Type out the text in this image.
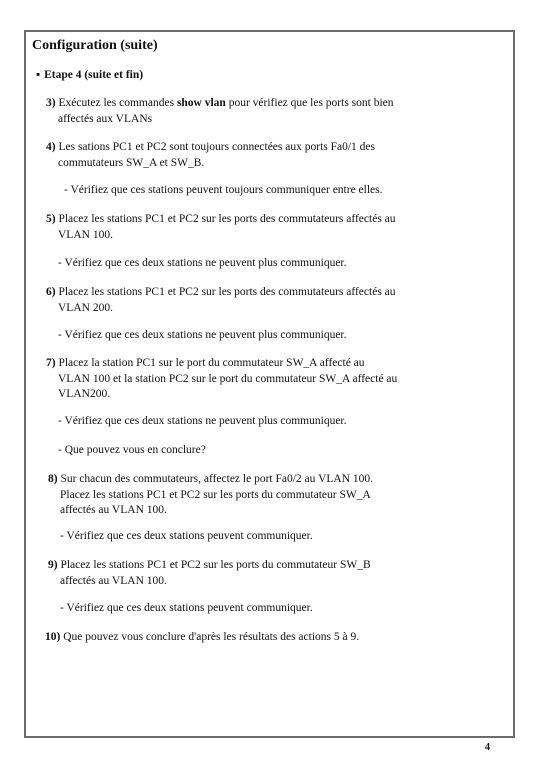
Configuration (suite)
▪ Etape 4 (suite et fin)
3) Exécutez les commandes show vlan pour vérifiez que les ports sont bien
affectés aux VLANs
4) Les sations PC1 et PC2 sont toujours connectées aux ports Fa0/1 des
commutateurs SW_A et SW_B.
- Vérifiez que ces stations peuvent toujours communiquer entre elles.
5) Placez les stations PC1 et PC2 sur les ports des commutateurs affectés au
VLAN 100.
- Vérifiez que ces deux stations ne peuvent plus communiquer.
6) Placez les stations PC1 et PC2 sur les ports des commutateurs affectés au
VLAN 200.
- Vérifiez que ces deux stations ne peuvent plus communiquer.
7) Placez la station PC1 sur le port du commutateur SW_A affecté au
VLAN 100 et la station PC2 sur le port du commutateur SW_A affecté au
VLAN200.
- Vérifiez que ces deux stations ne peuvent plus communiquer.
- Que pouvez vous en conclure?
8) Sur chacun des commutateurs, affectez le port Fa0/2 au VLAN 100.
Placez les stations PC1 et PC2 sur les ports du commutateur SW_A
affectés au VLAN 100.
- Vérifiez que ces deux stations peuvent communiquer.
9) Placez les stations PC1 et PC2 sur les ports du commutateur SW_B
affectés au VLAN 100.
- Vérifiez que ces deux stations peuvent communiquer.
10) Que pouvez vous conclure d'après les résultats des actions 5 à 9.
4
